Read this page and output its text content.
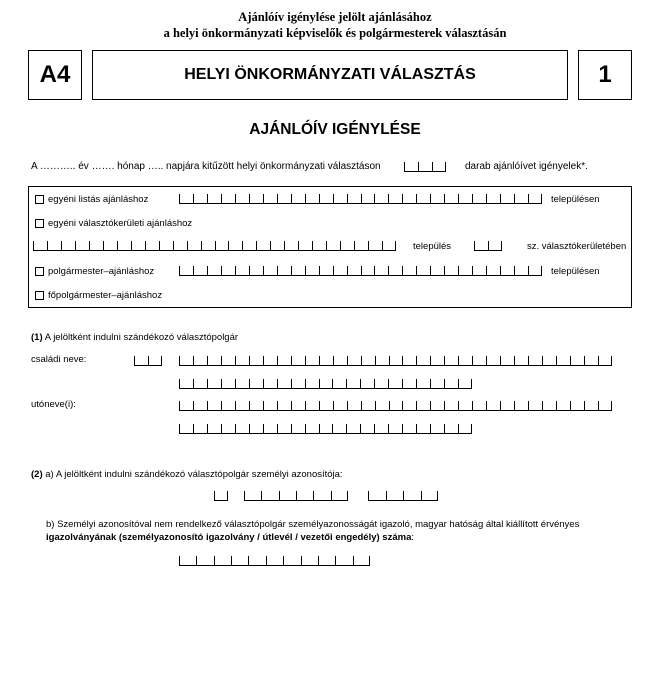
Ajánlóív igénylése jelölt ajánlásához
a helyi önkormányzati képviselők és polgármesterek választásán
A4	HELYI ÖNKORMÁNYZATI VÁLASZTÁS	1
AJÁNLÓÍV IGÉNYLÉSE
A ……….. év ……. hónap ….. napjára kitűzött helyi önkormányzati választáson	darab ajánlóívet igényelek*.
egyéni listás ajánláshoz	településen
egyéni választókerületi ajánláshoz
település	sz. választókerületében
polgármester–ajánláshoz	településen
főpolgármester–ajánláshoz
(1) A jelöltként indulni szándékozó választópolgár
családi neve:
utóneve(i):
(2) a) A jelöltként indulni szándékozó választópolgár személyi azonosítója:
b) Személyi azonosítóval nem rendelkező választópolgár személyazonosságát igazoló, magyar hatóság által kiállított érvényes
igazolványának (személyazonosító igazolvány / útlevél / vezetői engedély) száma:
